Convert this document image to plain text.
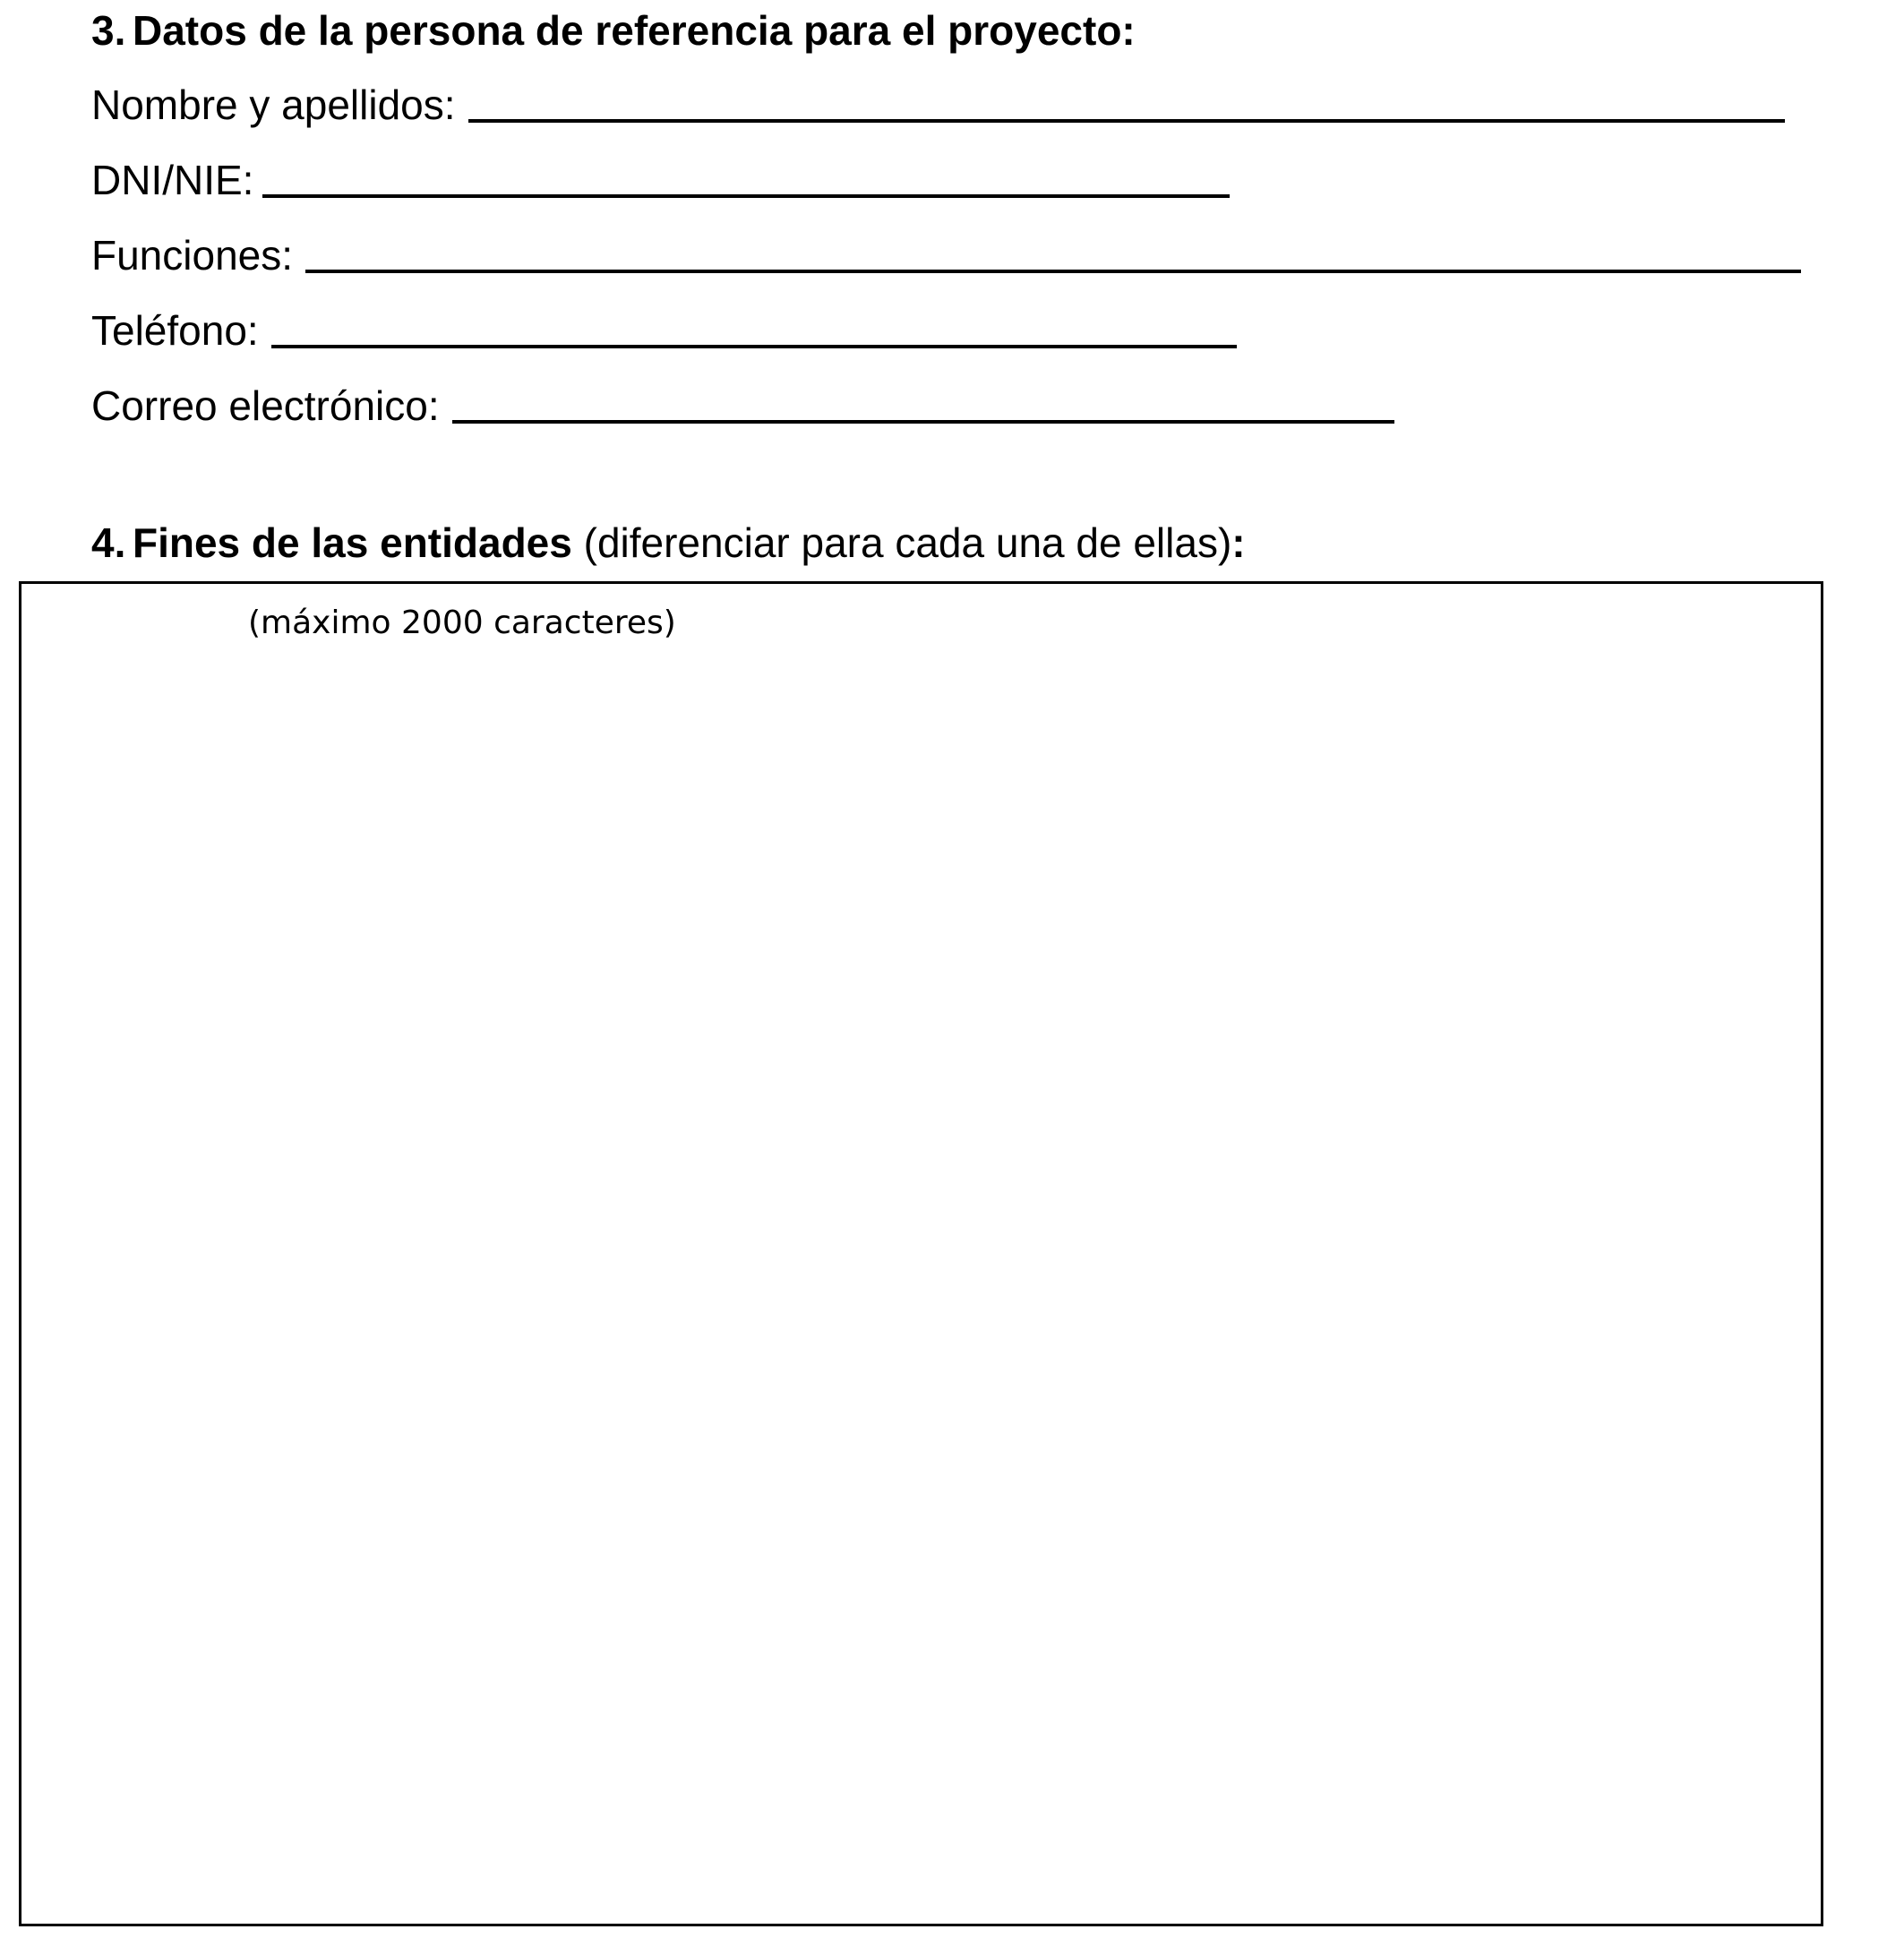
3. Datos de la persona de referencia para el proyecto:
Nombre y apellidos:
DNI/NIE:
Funciones:
Teléfono:
Correo electrónico:
4. Fines de las entidades (diferenciar para cada una de ellas):
(máximo 2000 caracteres)
